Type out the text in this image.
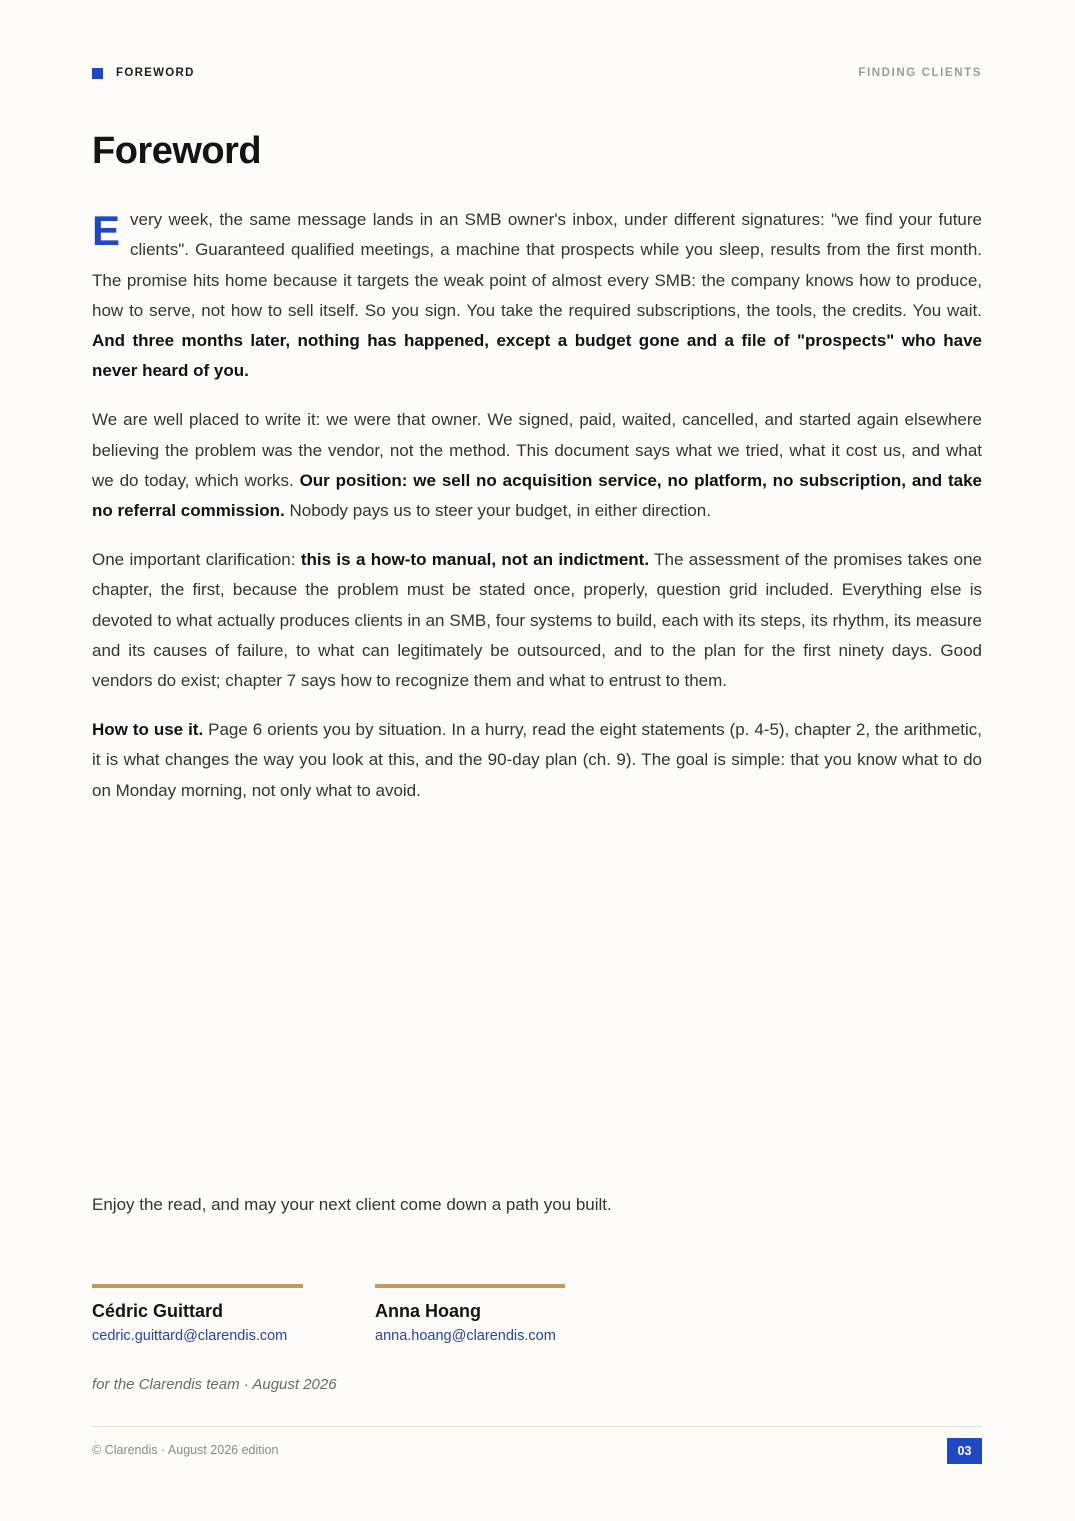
FOREWORD	FINDING CLIENTS
Foreword

Every week, the same message lands in an SMB owner's inbox, under different signatures: "we find your future clients". Guaranteed qualified meetings, a machine that prospects while you sleep, results from the first month. The promise hits home because it targets the weak point of almost every SMB: the company knows how to produce, how to serve, not how to sell itself. So you sign. You take the required subscriptions, the tools, the credits. You wait. And three months later, nothing has happened, except a budget gone and a file of "prospects" who have never heard of you.

We are well placed to write it: we were that owner. We signed, paid, waited, cancelled, and started again elsewhere believing the problem was the vendor, not the method. This document says what we tried, what it cost us, and what we do today, which works. Our position: we sell no acquisition service, no platform, no subscription, and take no referral commission. Nobody pays us to steer your budget, in either direction.

One important clarification: this is a how-to manual, not an indictment. The assessment of the promises takes one chapter, the first, because the problem must be stated once, properly, question grid included. Everything else is devoted to what actually produces clients in an SMB, four systems to build, each with its steps, its rhythm, its measure and its causes of failure, to what can legitimately be outsourced, and to the plan for the first ninety days. Good vendors do exist; chapter 7 says how to recognize them and what to entrust to them.

How to use it. Page 6 orients you by situation. In a hurry, read the eight statements (p. 4-5), chapter 2, the arithmetic, it is what changes the way you look at this, and the 90-day plan (ch. 9). The goal is simple: that you know what to do on Monday morning, not only what to avoid.

Enjoy the read, and may your next client come down a path you built.
Cédric Guittard
cedric.guittard@clarendis.com
Anna Hoang
anna.hoang@clarendis.com
for the Clarendis team · August 2026
© Clarendis · August 2026 edition	03
